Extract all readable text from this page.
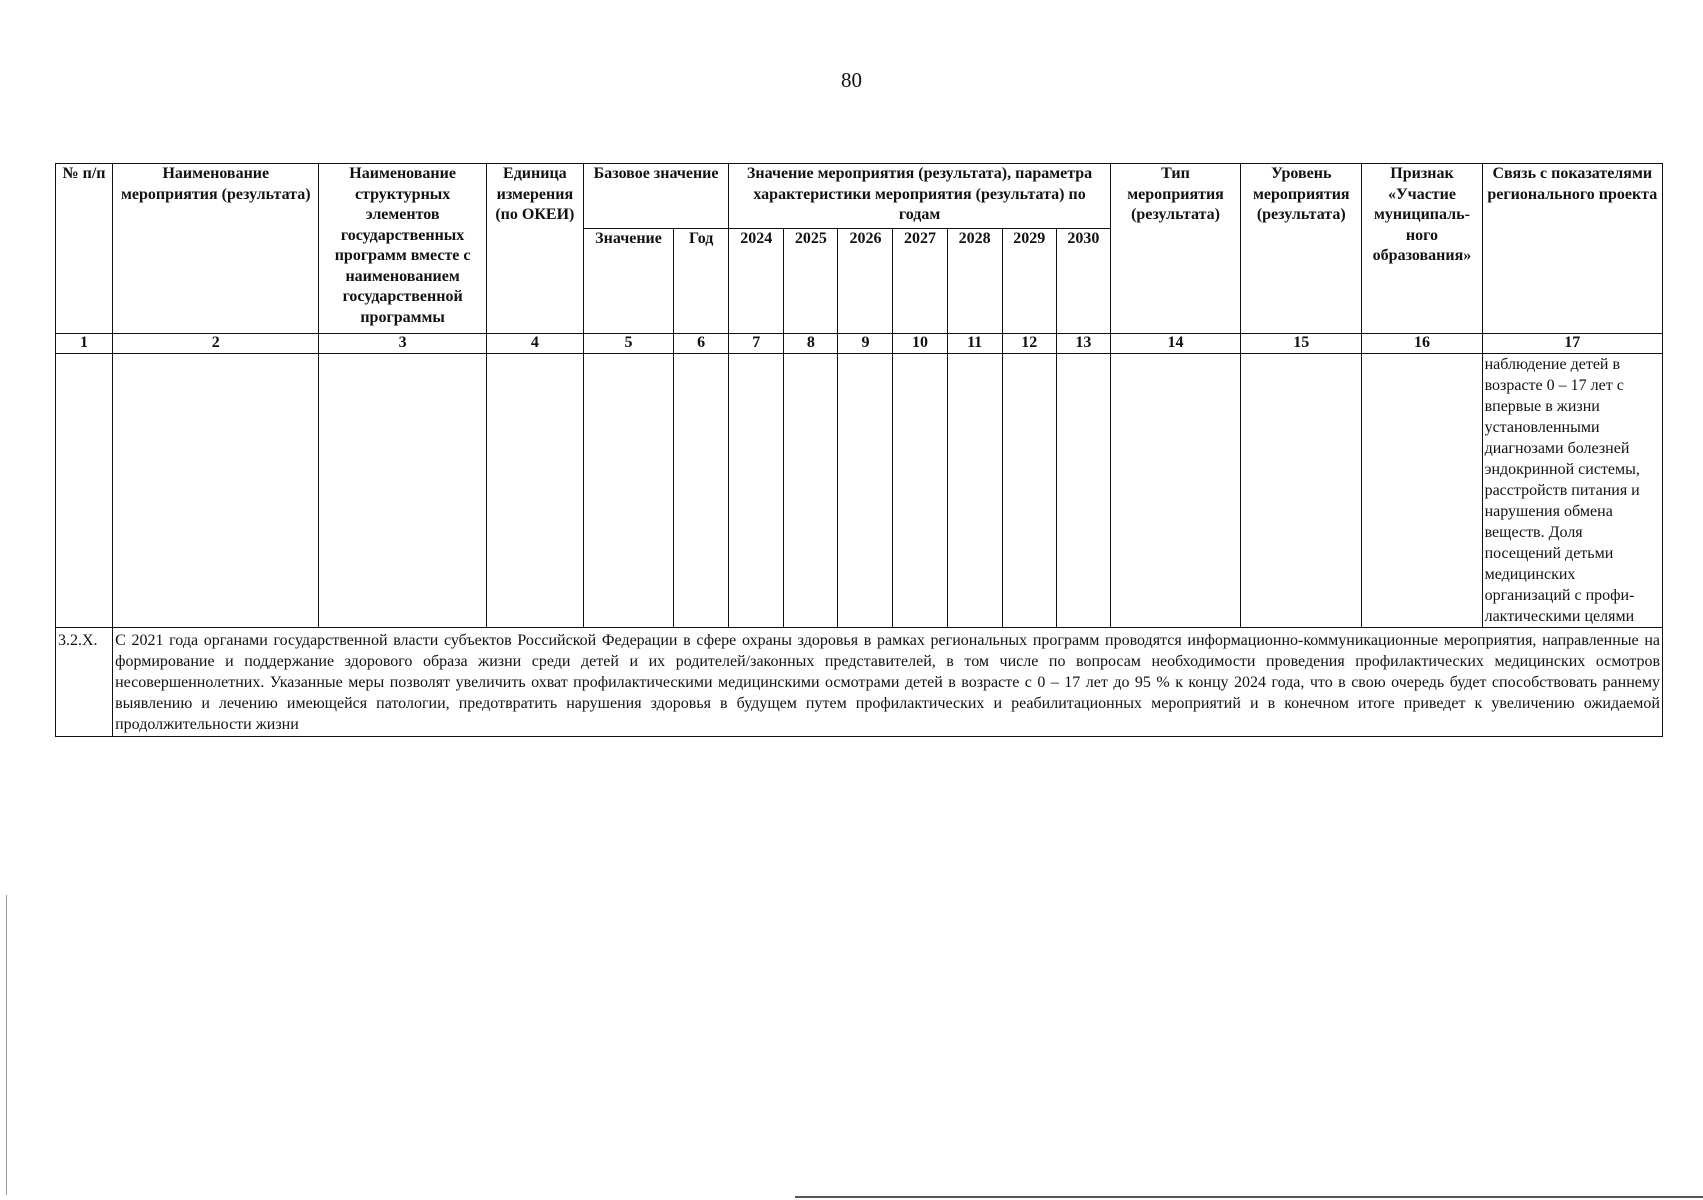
80
№ п/п	Наименование мероприятия (результата)	Наименование структурных элементов государственных программ вместе с наименованием государственной программы	Единица измерения (по ОКЕИ)	Базовое значение		Значение мероприятия (результата), параметра характеристики мероприятия (результата) по годам							Тип мероприятия (результата)	Уровень мероприятия (результата)	Признак «Участие муниципаль-ного образования»	Связь с показателями регионального проекта
				Значение	Год	2024	2025	2026	2027	2028	2029	2030				
1	2	3	4	5	6	7	8	9	10	11	12	13	14	15	16	17
																наблюдение детей в возрасте 0 – 17 лет с впервые в жизни установленными диагнозами болезней эндокринной системы, расстройств питания и нарушения обмена веществ. Доля посещений детьми медицинских организаций с профи-лактическими целями
3.2.X.	С 2021 года органами государственной власти субъектов Российской Федерации в сфере охраны здоровья в рамках региональных программ проводятся информационно-коммуникационные мероприятия, направленные на формирование и поддержание здорового образа жизни среди детей и их родителей/законных представителей, в том числе по вопросам необходимости проведения профилактических медицинских осмотров несовершеннолетних. Указанные меры позволят увеличить охват профилактическими медицинскими осмотрами детей в возрасте с 0 – 17 лет до 95 % к концу 2024 года, что в свою очередь будет способствовать раннему выявлению и лечению имеющейся патологии, предотвратить нарушения здоровья в будущем путем профилактических и реабилитационных мероприятий и в конечном итоге приведет к увеличению ожидаемой продолжительности жизни															
